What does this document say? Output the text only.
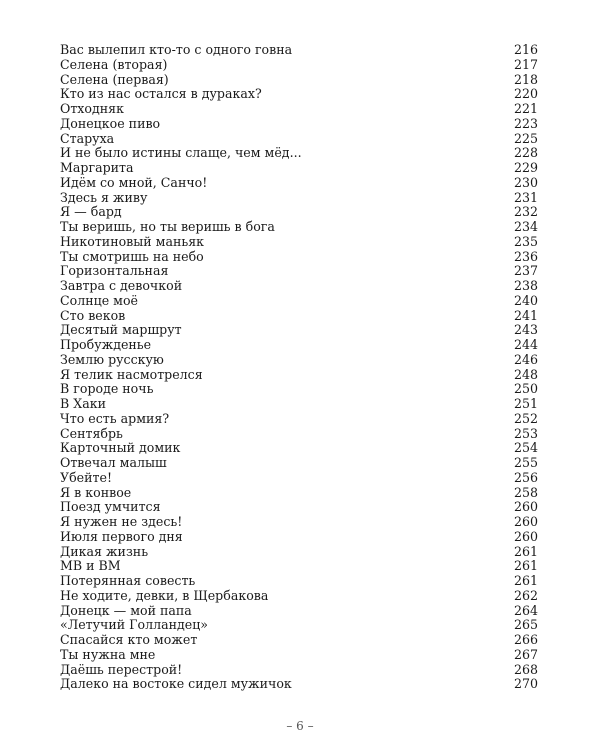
Вас вылепил кто-то с одного говна	216
Селена (вторая)	217
Селена (первая)	218
Кто из нас остался в дураках?	220
Отходняк	221
Донецкое пиво	223
Старуха	225
И не было истины слаще, чем мёд...	228
Маргарита	229
Идём со мной, Санчо!	230
Здесь я живу	231
Я — бард	232
Ты веришь, но ты веришь в бога	234
Никотиновый маньяк	235
Ты смотришь на небо	236
Горизонтальная	237
Завтра с девочкой	238
Солнце моё	240
Сто веков	241
Десятый маршрут	243
Пробужденье	244
Землю русскую	246
Я телик насмотрелся	248
В городе ночь	250
В Хаки	251
Что есть армия?	252
Сентябрь	253
Карточный домик	254
Отвечал малыш	255
Убейте!	256
Я в конвое	258
Поезд умчится	260
Я нужен не здесь!	260
Июля первого дня	260
Дикая жизнь	261
МВ и ВМ	261
Потерянная совесть	261
Не ходите, девки, в Щербакова	262
Донецк — мой папа	264
«Летучий Голландец»	265
Спасайся кто может	266
Ты нужна мне	267
Даёшь перестрой!	268
Далеко на востоке сидел мужичок	270
– 6 –
